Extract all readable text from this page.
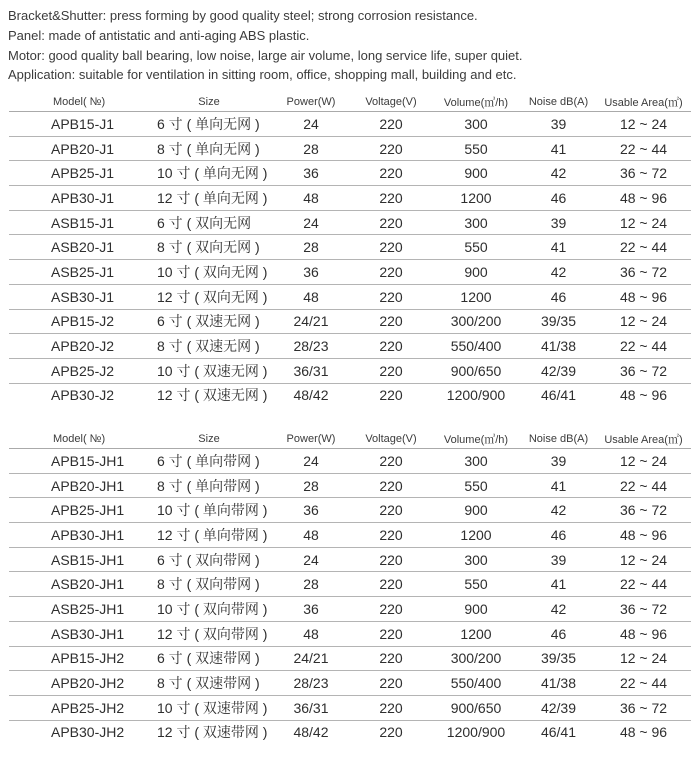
Bracket&Shutter: press forming by good quality steel; strong corrosion resistance.

Panel: made of antistatic and anti-aging ABS plastic.

Motor: good quality ball bearing, low noise, large air volume, long service life, super quiet.

Application: suitable for ventilation in sitting room, office, shopping mall, building and etc.

Model( №)	Size	Power(W)	Voltage(V)	Volume(㎥/h)	Noise dB(A)	Usable Area(㎡)
APB15-J1	6 寸 ( 单向无网 )	24	220	300	39	12 ~ 24
APB20-J1	8 寸 ( 单向无网 )	28	220	550	41	22 ~ 44
APB25-J1	10 寸 ( 单向无网 )	36	220	900	42	36 ~ 72
APB30-J1	12 寸 ( 单向无网 )	48	220	1200	46	48 ~ 96
ASB15-J1	6 寸 ( 双向无网	24	220	300	39	12 ~ 24
ASB20-J1	8 寸 ( 双向无网 )	28	220	550	41	22 ~ 44
ASB25-J1	10 寸 ( 双向无网 )	36	220	900	42	36 ~ 72
ASB30-J1	12 寸 ( 双向无网 )	48	220	1200	46	48 ~ 96
APB15-J2	6 寸 ( 双速无网 )	24/21	220	300/200	39/35	12 ~ 24
APB20-J2	8 寸 ( 双速无网 )	28/23	220	550/400	41/38	22 ~ 44
APB25-J2	10 寸 ( 双速无网 )	36/31	220	900/650	42/39	36 ~ 72
APB30-J2	12 寸 ( 双速无网 )	48/42	220	1200/900	46/41	48 ~ 96
Model( №)	Size	Power(W)	Voltage(V)	Volume(㎥/h)	Noise dB(A)	Usable Area(㎡)
APB15-JH1	6 寸 ( 单向带网 )	24	220	300	39	12 ~ 24
APB20-JH1	8 寸 ( 单向带网 )	28	220	550	41	22 ~ 44
APB25-JH1	10 寸 ( 单向带网 )	36	220	900	42	36 ~ 72
APB30-JH1	12 寸 ( 单向带网 )	48	220	1200	46	48 ~ 96
ASB15-JH1	6 寸 ( 双向带网 )	24	220	300	39	12 ~ 24
ASB20-JH1	8 寸 ( 双向带网 )	28	220	550	41	22 ~ 44
ASB25-JH1	10 寸 ( 双向带网 )	36	220	900	42	36 ~ 72
ASB30-JH1	12 寸 ( 双向带网 )	48	220	1200	46	48 ~ 96
APB15-JH2	6 寸 ( 双速带网 )	24/21	220	300/200	39/35	12 ~ 24
APB20-JH2	8 寸 ( 双速带网 )	28/23	220	550/400	41/38	22 ~ 44
APB25-JH2	10 寸 ( 双速带网 )	36/31	220	900/650	42/39	36 ~ 72
APB30-JH2	12 寸 ( 双速带网 )	48/42	220	1200/900	46/41	48 ~ 96
